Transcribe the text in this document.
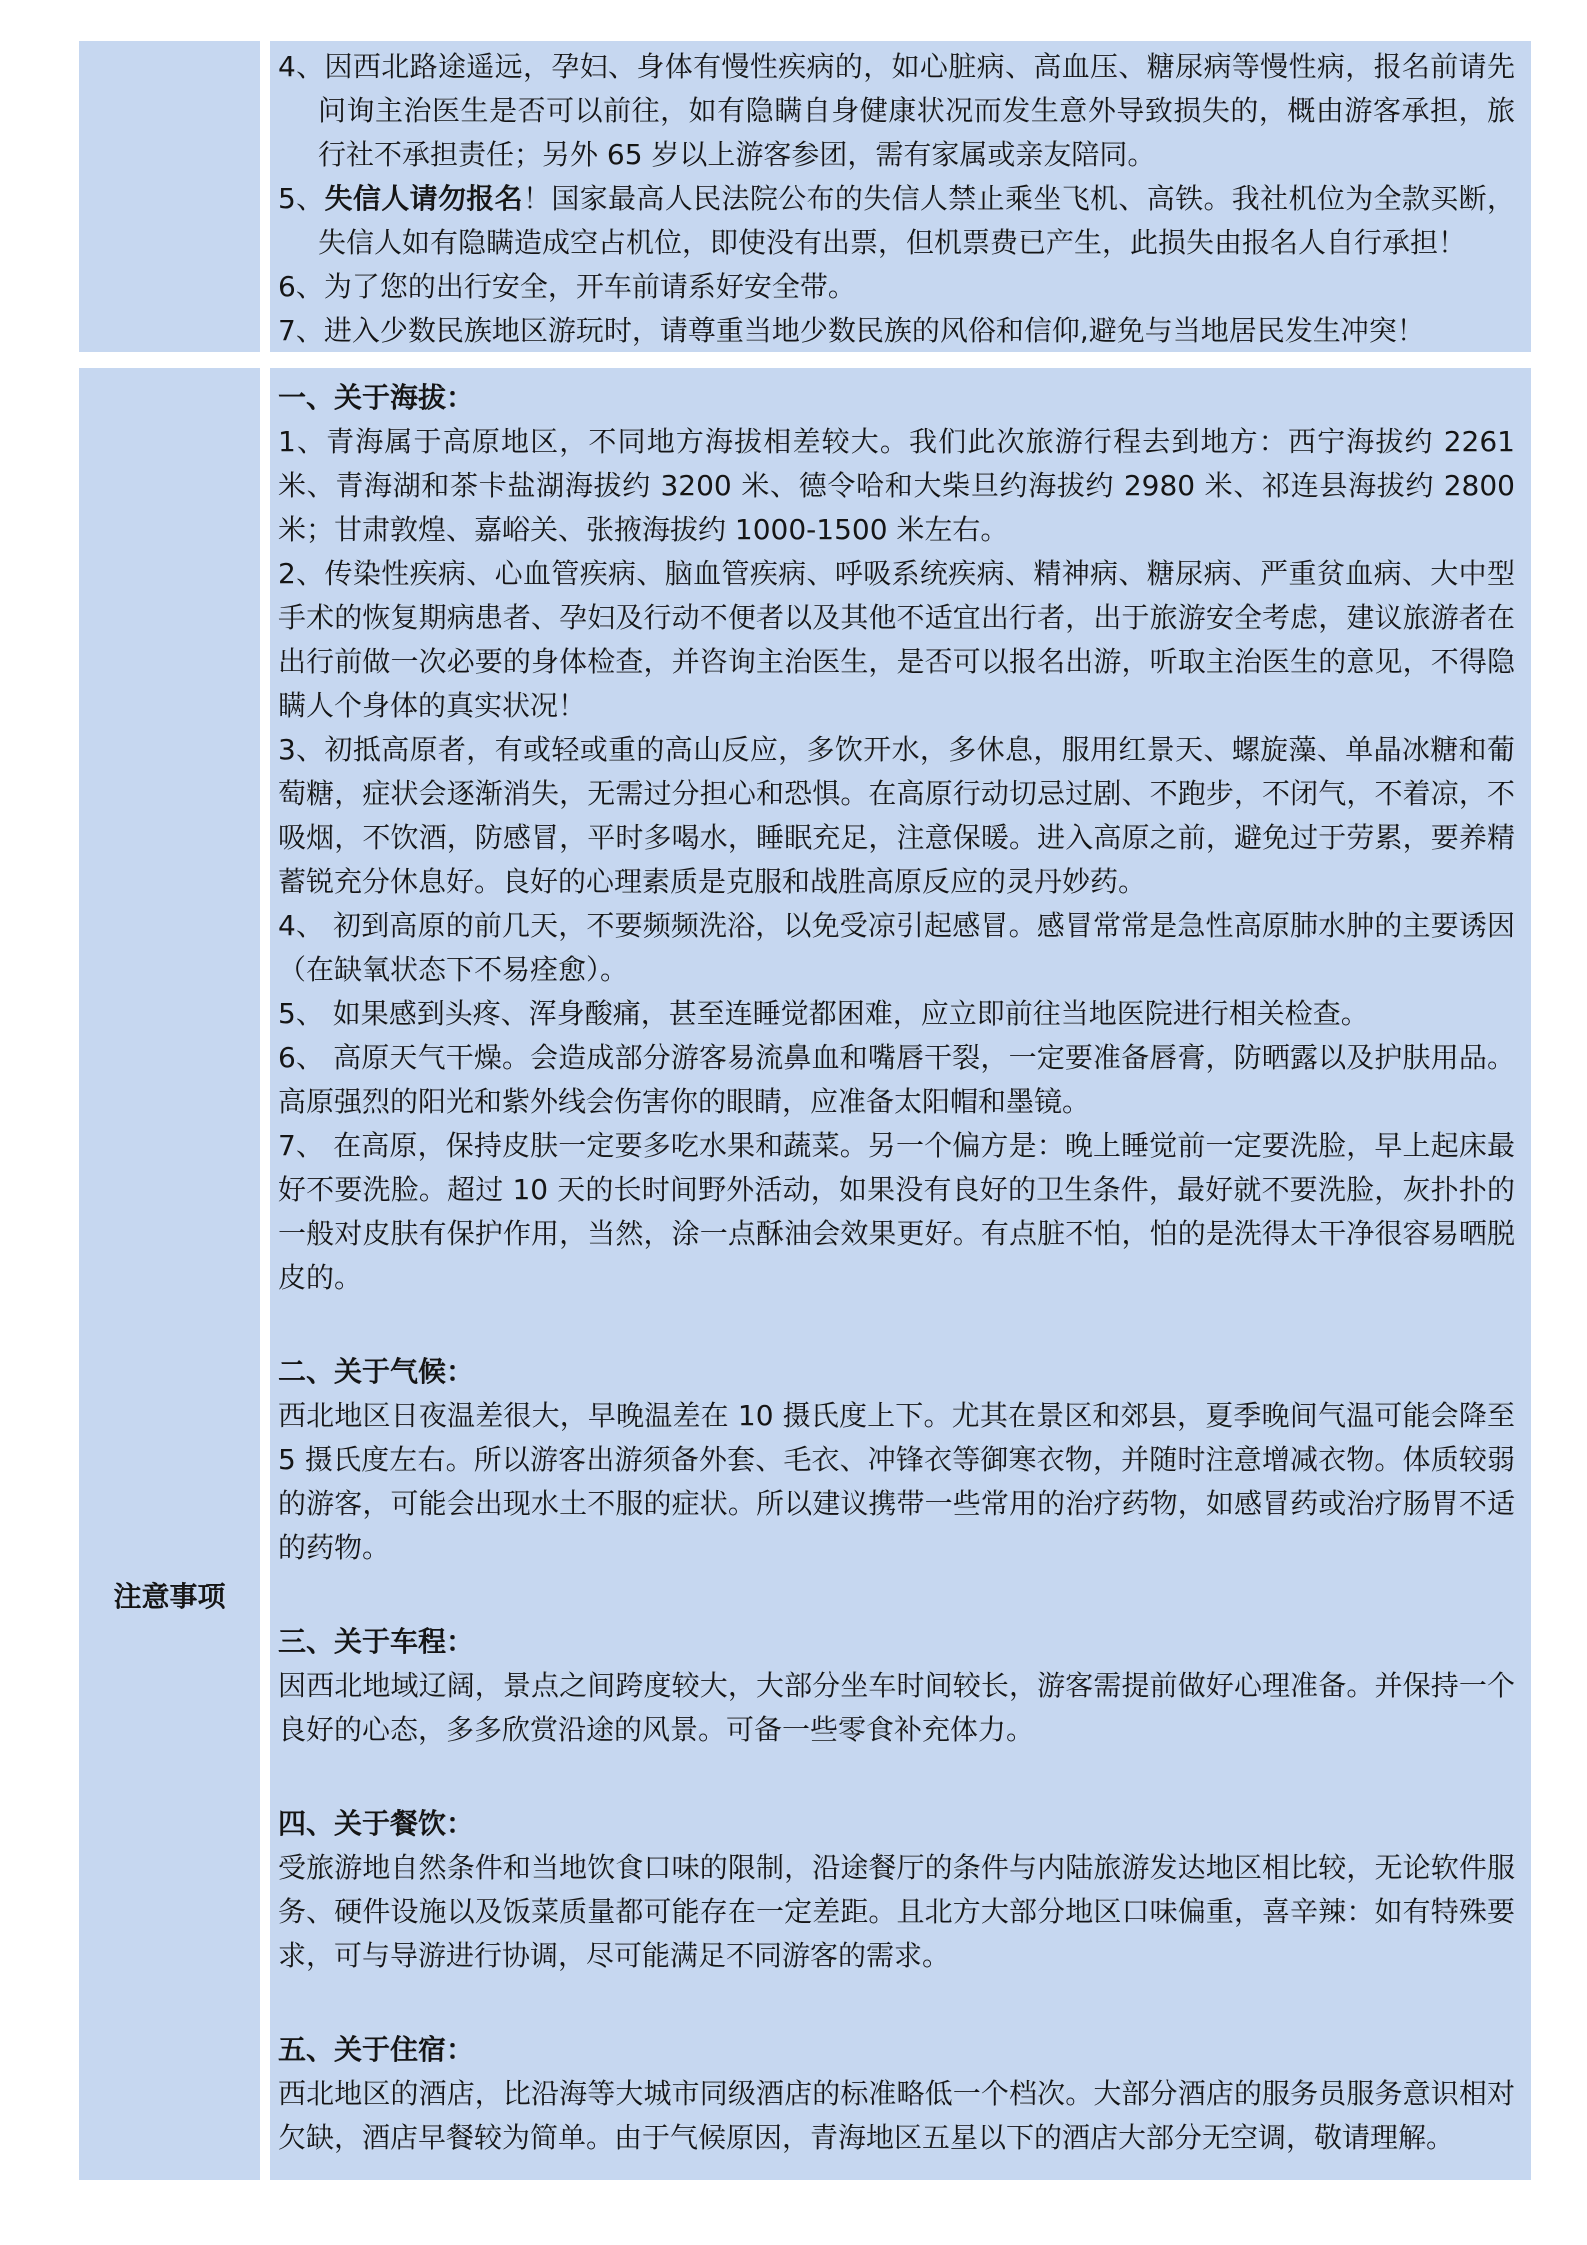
4、因西北路途遥远，孕妇、身体有慢性疾病的，如心脏病、高血压、糖尿病等慢性病，报名前请先问询主治医生是否可以前往，如有隐瞒自身健康状况而发生意外导致损失的，概由游客承担，旅行社不承担责任；另外 65 岁以上游客参团，需有家属或亲友陪同。
5、失信人请勿报名！国家最高人民法院公布的失信人禁止乘坐飞机、高铁。我社机位为全款买断，失信人如有隐瞒造成空占机位，即使没有出票，但机票费已产生，此损失由报名人自行承担！
6、为了您的出行安全，开车前请系好安全带。
7、进入少数民族地区游玩时，请尊重当地少数民族的风俗和信仰,避免与当地居民发生冲突！
注意事项
一、关于海拔：
1、青海属于高原地区，不同地方海拔相差较大。我们此次旅游行程去到地方：西宁海拔约 2261 米、青海湖和茶卡盐湖海拔约 3200 米、德令哈和大柴旦约海拔约 2980 米、祁连县海拔约 2800 米；甘肃敦煌、嘉峪关、张掖海拔约 1000-1500 米左右。
2、传染性疾病、心血管疾病、脑血管疾病、呼吸系统疾病、精神病、糖尿病、严重贫血病、大中型手术的恢复期病患者、孕妇及行动不便者以及其他不适宜出行者，出于旅游安全考虑，建议旅游者在出行前做一次必要的身体检查，并咨询主治医生，是否可以报名出游，听取主治医生的意见，不得隐瞒人个身体的真实状况！
3、初抵高原者，有或轻或重的高山反应，多饮开水，多休息，服用红景天、螺旋藻、单晶冰糖和葡萄糖，症状会逐渐消失，无需过分担心和恐惧。在高原行动切忌过剧、不跑步，不闭气，不着凉，不吸烟，不饮酒，防感冒，平时多喝水，睡眠充足，注意保暖。进入高原之前，避免过于劳累，要养精蓄锐充分休息好。良好的心理素质是克服和战胜高原反应的灵丹妙药。
4、 初到高原的前几天，不要频频洗浴，以免受凉引起感冒。感冒常常是急性高原肺水肿的主要诱因（在缺氧状态下不易痊愈）。
5、 如果感到头疼、浑身酸痛，甚至连睡觉都困难，应立即前往当地医院进行相关检查。
6、 高原天气干燥。会造成部分游客易流鼻血和嘴唇干裂，一定要准备唇膏，防晒露以及护肤用品。高原强烈的阳光和紫外线会伤害你的眼睛，应准备太阳帽和墨镜。
7、 在高原，保持皮肤一定要多吃水果和蔬菜。另一个偏方是：晚上睡觉前一定要洗脸，早上起床最好不要洗脸。超过 10 天的长时间野外活动，如果没有良好的卫生条件，最好就不要洗脸，灰扑扑的一般对皮肤有保护作用，当然，涂一点酥油会效果更好。有点脏不怕，怕的是洗得太干净很容易晒脱皮的。
二、关于气候：
西北地区日夜温差很大，早晚温差在 10 摄氏度上下。尤其在景区和郊县，夏季晚间气温可能会降至 5 摄氏度左右。所以游客出游须备外套、毛衣、冲锋衣等御寒衣物，并随时注意增减衣物。体质较弱的游客，可能会出现水土不服的症状。所以建议携带一些常用的治疗药物，如感冒药或治疗肠胃不适的药物。
三、关于车程：
因西北地域辽阔，景点之间跨度较大，大部分坐车时间较长，游客需提前做好心理准备。并保持一个良好的心态，多多欣赏沿途的风景。可备一些零食补充体力。
四、关于餐饮：
受旅游地自然条件和当地饮食口味的限制，沿途餐厅的条件与内陆旅游发达地区相比较，无论软件服务、硬件设施以及饭菜质量都可能存在一定差距。且北方大部分地区口味偏重，喜辛辣：如有特殊要求，可与导游进行协调，尽可能满足不同游客的需求。
五、关于住宿：
西北地区的酒店，比沿海等大城市同级酒店的标准略低一个档次。大部分酒店的服务员服务意识相对欠缺，酒店早餐较为简单。由于气候原因，青海地区五星以下的酒店大部分无空调，敬请理解。
